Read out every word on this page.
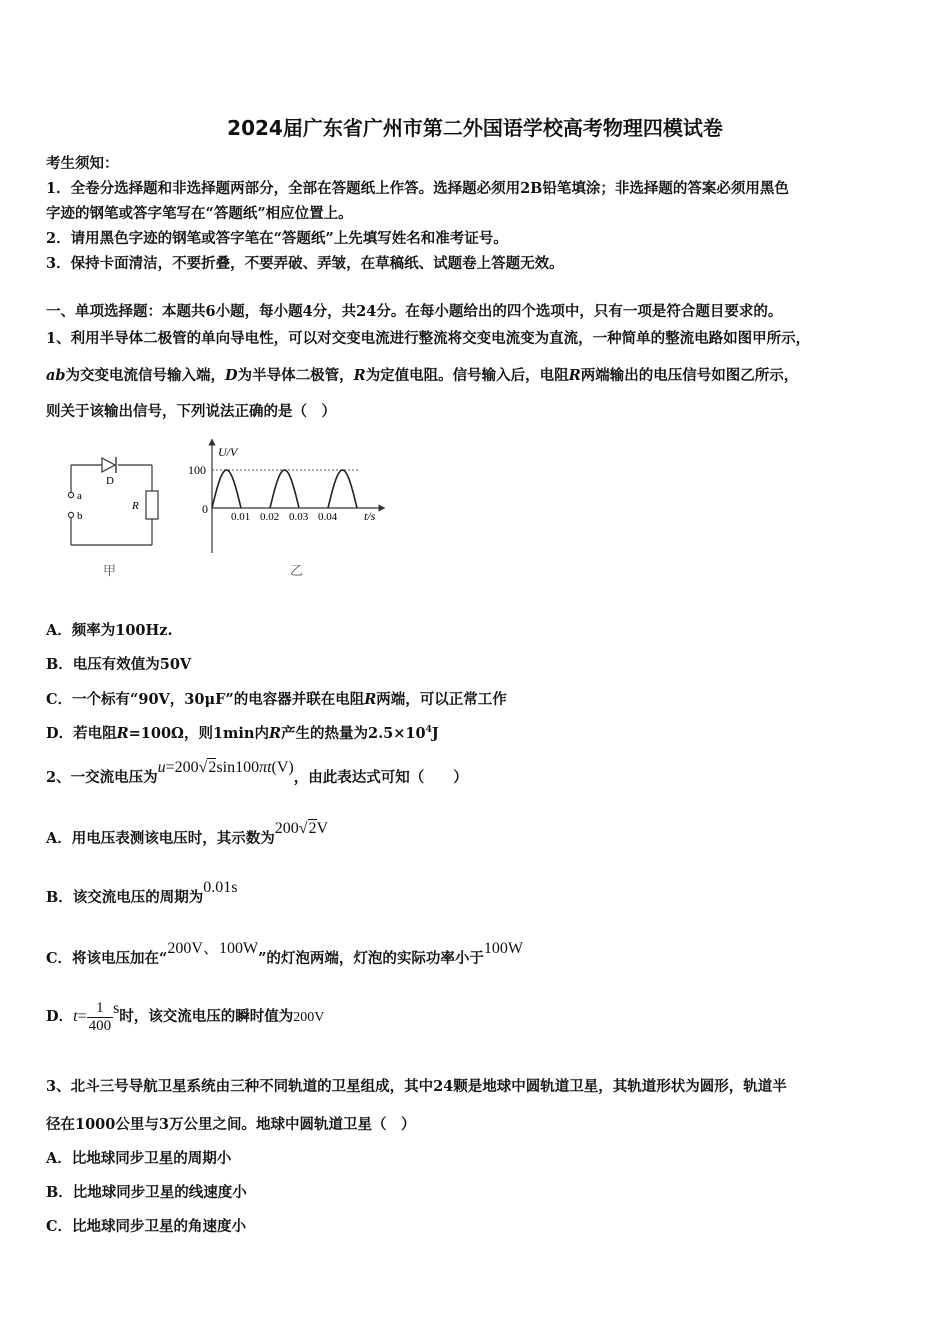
2024届广东省广州市第二外国语学校高考物理四模试卷
考生须知：
1．全卷分选择题和非选择题两部分，全部在答题纸上作答。选择题必须用2B铅笔填涂；非选择题的答案必须用黑色
字迹的钢笔或答字笔写在“答题纸”相应位置上。
2．请用黑色字迹的钢笔或答字笔在“答题纸”上先填写姓名和准考证号。
3．保持卡面清洁，不要折叠，不要弄破、弄皱，在草稿纸、试题卷上答题无效。
一、单项选择题：本题共6小题，每小题4分，共24分。在每小题给出的四个选项中，只有一项是符合题目要求的。
1、利用半导体二极管的单向导电性，可以对交变电流进行整流将交变电流变为直流，一种简单的整流电路如图甲所示，
ab为交变电流信号输入端，D为半导体二极管，R为定值电阻。信号输入后，电阻R两端输出的电压信号如图乙所示，
则关于该输出信号，下列说法正确的是（　）
D
R
a
b
甲
U/V
t/s
100
0
0.01 0.02 0.03 0.04
乙
A．频率为100Hz.
B．电压有效值为50V
C．一个标有“90V，30μF”的电容器并联在电阻R两端，可以正常工作
D．若电阻R=100Ω，则1min内R产生的热量为$2.5\times 10^4J$
2、一交流电压为u=200√2sin100πt(V)，由此表达式可知（　　）
A．用电压表测该电压时，其示数为200√2V
B．该交流电压的周期为0.01s
C．将该电压加在“200V、100W”的灯泡两端，灯泡的实际功率小于100W
D．$t= \frac{1}{400}$ s时，该交流电压的瞬时值为200V
3、北斗三号导航卫星系统由三种不同轨道的卫星组成，其中24颗是地球中圆轨道卫星，其轨道形状为圆形，轨道半
径在1000公里与3万公里之间。地球中圆轨道卫星（　）
A．比地球同步卫星的周期小
B．比地球同步卫星的线速度小
C．比地球同步卫星的角速度小
